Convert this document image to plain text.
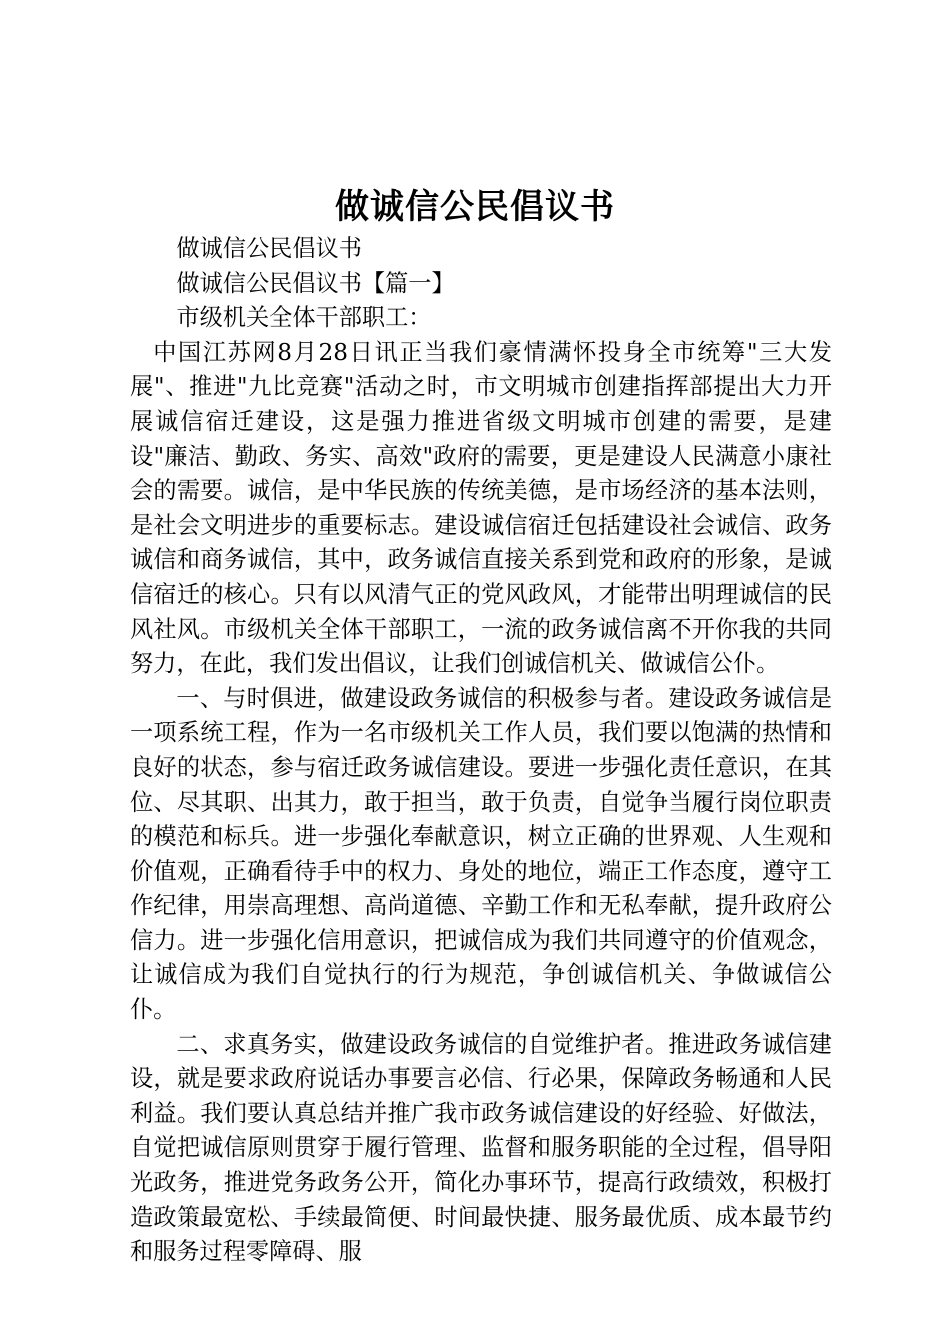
做诚信公民倡议书

做诚信公民倡议书

做诚信公民倡议书【篇一】

市级机关全体干部职工：

中国江苏网8月28日讯正当我们豪情满怀投身全市统筹"三大发展"、推进"九比竞赛"活动之时，市文明城市创建指挥部提出大力开展诚信宿迁建设，这是强力推进省级文明城市创建的需要，是建设"廉洁、勤政、务实、高效"政府的需要，更是建设人民满意小康社会的需要。诚信，是中华民族的传统美德，是市场经济的基本法则，是社会文明进步的重要标志。建设诚信宿迁包括建设社会诚信、政务诚信和商务诚信，其中，政务诚信直接关系到党和政府的形象，是诚信宿迁的核心。只有以风清气正的党风政风，才能带出明理诚信的民风社风。市级机关全体干部职工，一流的政务诚信离不开你我的共同努力，在此，我们发出倡议，让我们创诚信机关、做诚信公仆。

一、与时俱进，做建设政务诚信的积极参与者。建设政务诚信是一项系统工程，作为一名市级机关工作人员，我们要以饱满的热情和良好的状态，参与宿迁政务诚信建设。要进一步强化责任意识，在其位、尽其职、出其力，敢于担当，敢于负责，自觉争当履行岗位职责的模范和标兵。进一步强化奉献意识，树立正确的世界观、人生观和价值观，正确看待手中的权力、身处的地位，端正工作态度，遵守工作纪律，用崇高理想、高尚道德、辛勤工作和无私奉献，提升政府公信力。进一步强化信用意识，把诚信成为我们共同遵守的价值观念，让诚信成为我们自觉执行的行为规范，争创诚信机关、争做诚信公仆。

二、求真务实，做建设政务诚信的自觉维护者。推进政务诚信建设，就是要求政府说话办事要言必信、行必果，保障政务畅通和人民利益。我们要认真总结并推广我市政务诚信建设的好经验、好做法，自觉把诚信原则贯穿于履行管理、监督和服务职能的全过程，倡导阳光政务，推进党务政务公开，简化办事环节，提高行政绩效，积极打造政策最宽松、手续最简便、时间最快捷、服务最优质、成本最节约和服务过程零障碍、服
